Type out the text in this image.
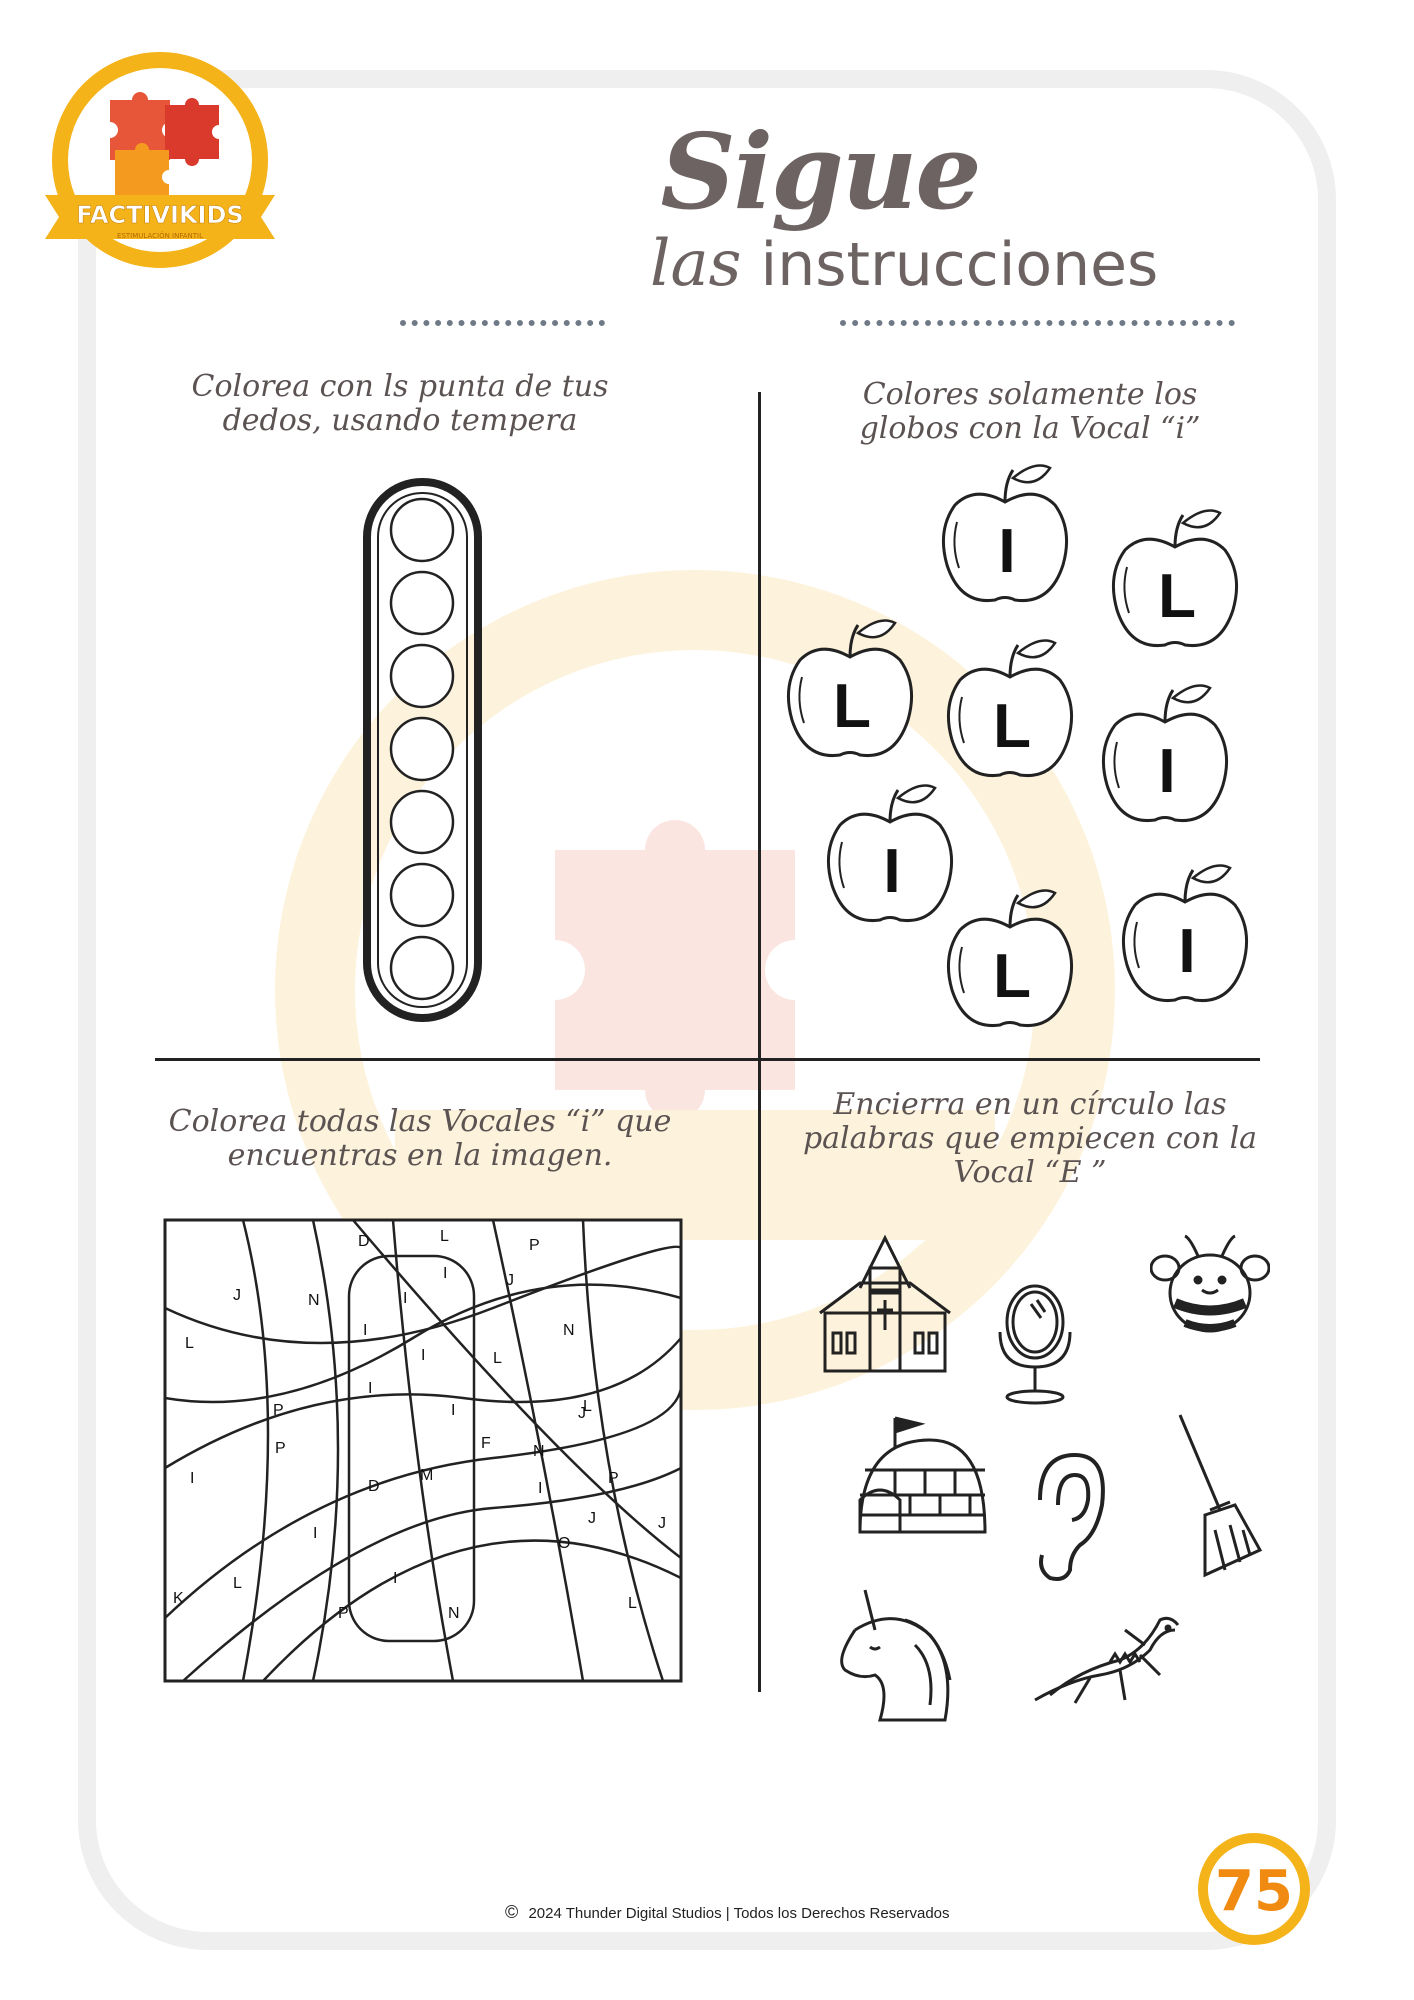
FACTIVIKIDS
ESTIMULACIÓN INFANTIL
Sigue
las instrucciones
Colorea con ls punta de tus dedos, usando tempera
Colores solamente los globos con la Vocal “i”
I
L
L L
I
I
L I
Colorea todas las Vocales “i” que encuentras en la imagen.
D	L
P
I
J	N
J
I
L
I	N
I	L
I
L
P	I
F
P
J
M
N
I	P
D	I
J	J
I
O
K
L	I
P	N
L
Encierra en un círculo las palabras que empiecen con la Vocal “E ”
© 2024 Thunder Digital Studios | Todos los Derechos Reservados	75
